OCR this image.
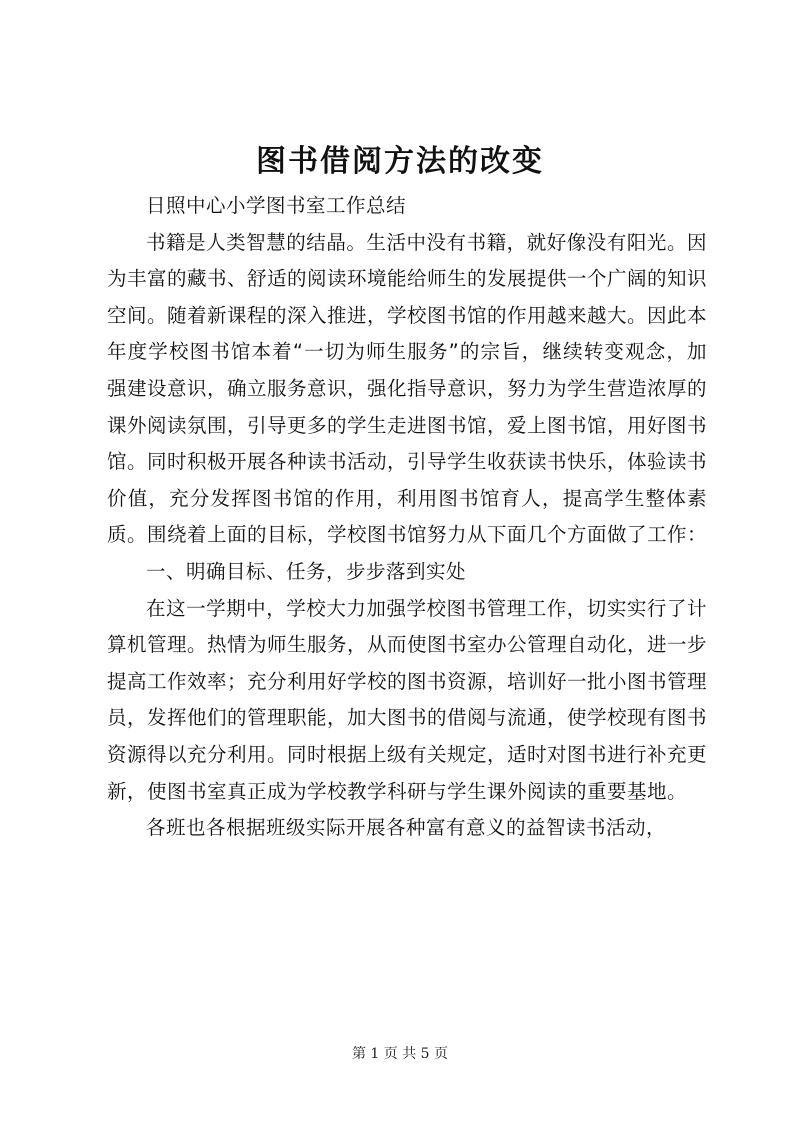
图书借阅方法的改变

日照中心小学图书室工作总结

书籍是人类智慧的结晶。生活中没有书籍，就好像没有阳光。因为丰富的藏书、舒适的阅读环境能给师生的发展提供一个广阔的知识空间。随着新课程的深入推进，学校图书馆的作用越来越大。因此本年度学校图书馆本着“一切为师生服务”的宗旨，继续转变观念，加强建设意识，确立服务意识，强化指导意识，努力为学生营造浓厚的课外阅读氛围，引导更多的学生走进图书馆，爱上图书馆，用好图书馆。同时积极开展各种读书活动，引导学生收获读书快乐，体验读书价值，充分发挥图书馆的作用，利用图书馆育人，提高学生整体素质。围绕着上面的目标，学校图书馆努力从下面几个方面做了工作：

一、明确目标、任务，步步落到实处

在这一学期中，学校大力加强学校图书管理工作，切实实行了计算机管理。热情为师生服务，从而使图书室办公管理自动化，进一步提高工作效率；充分利用好学校的图书资源，培训好一批小图书管理员，发挥他们的管理职能，加大图书的借阅与流通，使学校现有图书资源得以充分利用。同时根据上级有关规定，适时对图书进行补充更新，使图书室真正成为学校教学科研与学生课外阅读的重要基地。

各班也各根据班级实际开展各种富有意义的益智读书活动，

第 1 页 共 5 页
